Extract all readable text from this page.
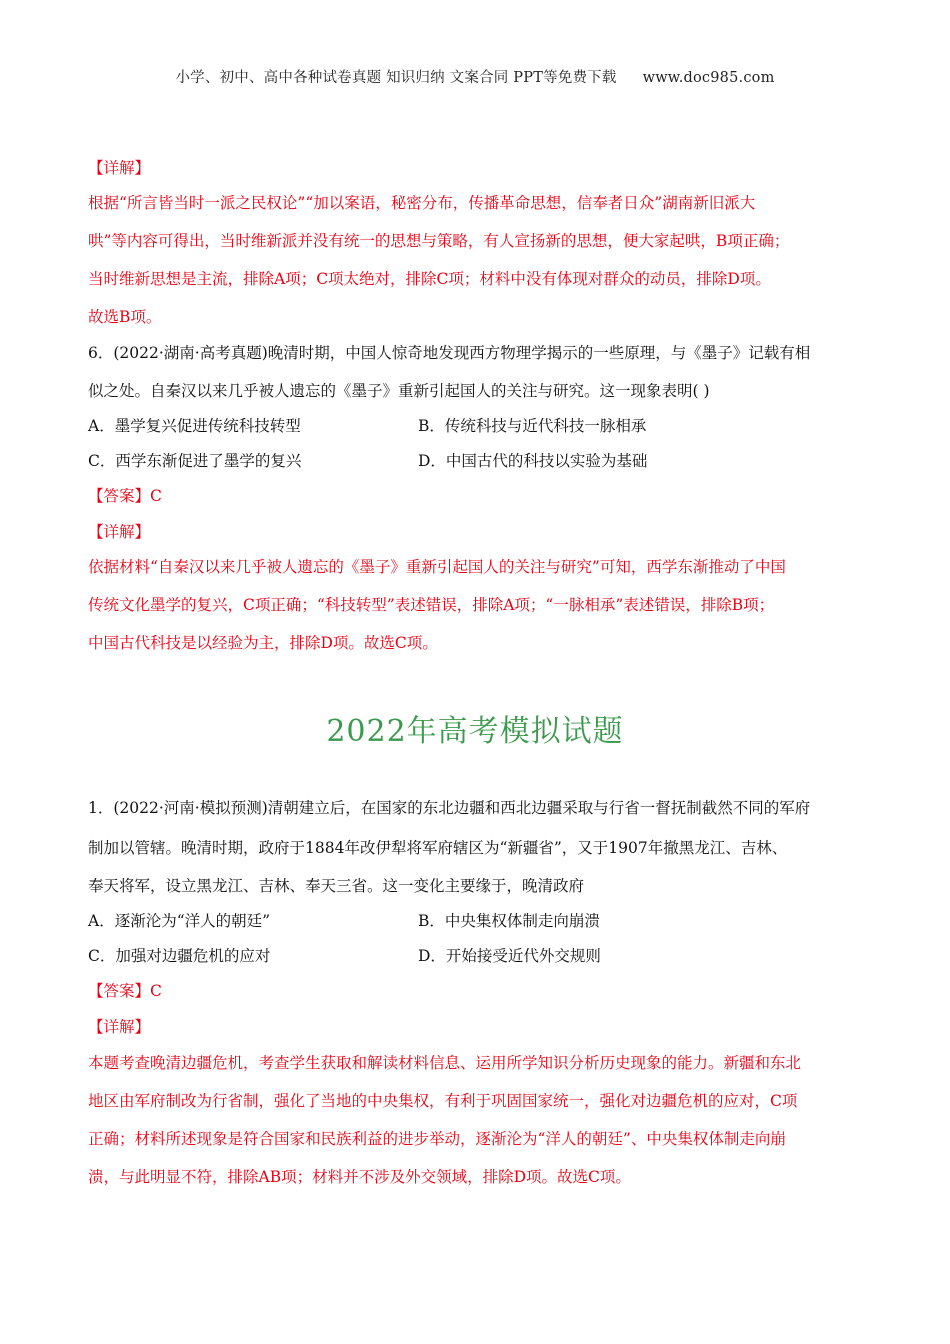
小学、初中、高中各种试卷真题 知识归纳 文案合同 PPT等免费下载 www.doc985.com
【详解】
根据“所言皆当时一派之民权论”“加以案语，秘密分布，传播革命思想，信奉者日众”湖南新旧派大
哄”等内容可得出，当时维新派并没有统一的思想与策略，有人宣扬新的思想，便大家起哄，B项正确；
当时维新思想是主流，排除A项；C项太绝对，排除C项；材料中没有体现对群众的动员，排除D项。
故选B项。
6．(2022·湖南·高考真题)晚清时期，中国人惊奇地发现西方物理学揭示的一些原理，与《墨子》记载有相
似之处。自秦汉以来几乎被人遗忘的《墨子》重新引起国人的关注与研究。这一现象表明( )
A．墨学复兴促进传统科技转型	B．传统科技与近代科技一脉相承
C．西学东渐促进了墨学的复兴	D．中国古代的科技以实验为基础
【答案】C
【详解】
依据材料“自秦汉以来几乎被人遗忘的《墨子》重新引起国人的关注与研究”可知，西学东渐推动了中国
传统文化墨学的复兴，C项正确；“科技转型”表述错误，排除A项；“一脉相承”表述错误，排除B项；
中国古代科技是以经验为主，排除D项。故选C项。
2022年高考模拟试题
1．(2022·河南·模拟预测)清朝建立后，在国家的东北边疆和西北边疆采取与行省一督抚制截然不同的军府
制加以管辖。晚清时期，政府于1884年改伊犁将军府辖区为“新疆省”，又于1907年撤黑龙江、吉林、
奉天将军，设立黑龙江、吉林、奉天三省。这一变化主要缘于，晚清政府
A．逐渐沦为“洋人的朝廷”	B．中央集权体制走向崩溃
C．加强对边疆危机的应对	D．开始接受近代外交规则
【答案】C
【详解】
本题考查晚清边疆危机，考查学生获取和解读材料信息、运用所学知识分析历史现象的能力。新疆和东北
地区由军府制改为行省制，强化了当地的中央集权，有利于巩固国家统一，强化对边疆危机的应对，C项
正确；材料所述现象是符合国家和民族利益的进步举动，逐渐沦为“洋人的朝廷”、中央集权体制走向崩
溃，与此明显不符，排除AB项；材料并不涉及外交领域，排除D项。故选C项。
